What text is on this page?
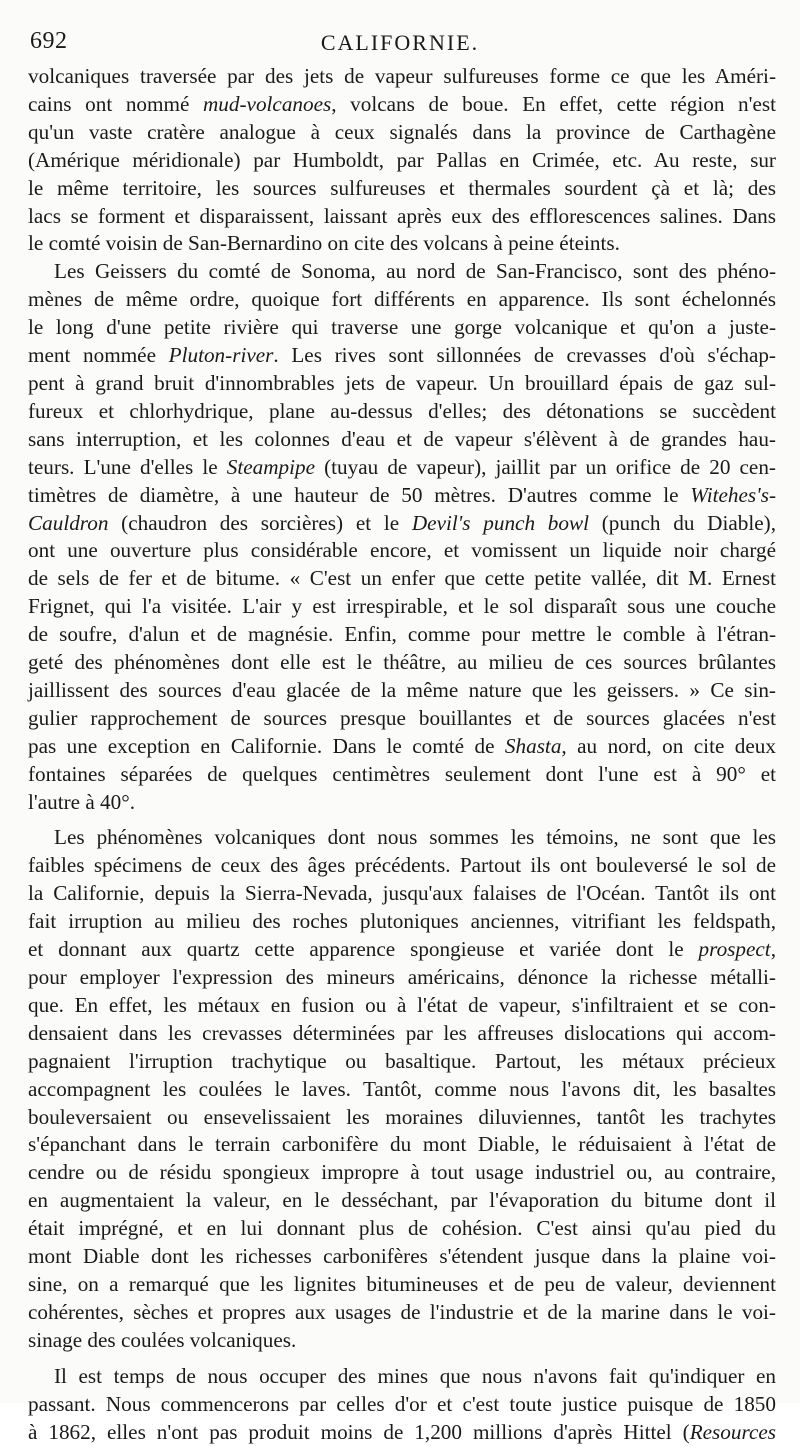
692	CALIFORNIE.
volcaniques traversée par des jets de vapeur sulfureuses forme ce que les Améri-
cains ont nommé mud-volcanoes, volcans de boue. En effet, cette région n'est
qu'un vaste cratère analogue à ceux signalés dans la province de Carthagène
(Amérique méridionale) par Humboldt, par Pallas en Crimée, etc. Au reste, sur
le même territoire, les sources sulfureuses et thermales sourdent çà et là; des
lacs se forment et disparaissent, laissant après eux des efflorescences salines. Dans
le comté voisin de San-Bernardino on cite des volcans à peine éteints.
Les Geissers du comté de Sonoma, au nord de San-Francisco, sont des phéno-
mènes de même ordre, quoique fort différents en apparence. Ils sont échelonnés
le long d'une petite rivière qui traverse une gorge volcanique et qu'on a juste-
ment nommée Pluton-river. Les rives sont sillonnées de crevasses d'où s'échap-
pent à grand bruit d'innombrables jets de vapeur. Un brouillard épais de gaz sul-
fureux et chlorhydrique, plane au-dessus d'elles; des détonations se succèdent
sans interruption, et les colonnes d'eau et de vapeur s'élèvent à de grandes hau-
teurs. L'une d'elles le Steampipe (tuyau de vapeur), jaillit par un orifice de 20 cen-
timètres de diamètre, à une hauteur de 50 mètres. D'autres comme le Witehes's-
Cauldron (chaudron des sorcières) et le Devil's punch bowl (punch du Diable),
ont une ouverture plus considérable encore, et vomissent un liquide noir chargé
de sels de fer et de bitume. « C'est un enfer que cette petite vallée, dit M. Ernest
Frignet, qui l'a visitée. L'air y est irrespirable, et le sol disparaît sous une couche
de soufre, d'alun et de magnésie. Enfin, comme pour mettre le comble à l'étran-
geté des phénomènes dont elle est le théâtre, au milieu de ces sources brûlantes
jaillissent des sources d'eau glacée de la même nature que les geissers. » Ce sin-
gulier rapprochement de sources presque bouillantes et de sources glacées n'est
pas une exception en Californie. Dans le comté de Shasta, au nord, on cite deux
fontaines séparées de quelques centimètres seulement dont l'une est à 90° et
l'autre à 40°.
Les phénomènes volcaniques dont nous sommes les témoins, ne sont que les
faibles spécimens de ceux des âges précédents. Partout ils ont bouleversé le sol de
la Californie, depuis la Sierra-Nevada, jusqu'aux falaises de l'Océan. Tantôt ils ont
fait irruption au milieu des roches plutoniques anciennes, vitrifiant les feldspath,
et donnant aux quartz cette apparence spongieuse et variée dont le prospect,
pour employer l'expression des mineurs américains, dénonce la richesse métalli-
que. En effet, les métaux en fusion ou à l'état de vapeur, s'infiltraient et se con-
densaient dans les crevasses déterminées par les affreuses dislocations qui accom-
pagnaient l'irruption trachytique ou basaltique. Partout, les métaux précieux
accompagnent les coulées le laves. Tantôt, comme nous l'avons dit, les basaltes
bouleversaient ou ensevelissaient les moraines diluviennes, tantôt les trachytes
s'épanchant dans le terrain carbonifère du mont Diable, le réduisaient à l'état de
cendre ou de résidu spongieux impropre à tout usage industriel ou, au contraire,
en augmentaient la valeur, en le desséchant, par l'évaporation du bitume dont il
était imprégné, et en lui donnant plus de cohésion. C'est ainsi qu'au pied du
mont Diable dont les richesses carbonifères s'étendent jusque dans la plaine voi-
sine, on a remarqué que les lignites bitumineuses et de peu de valeur, deviennent
cohérentes, sèches et propres aux usages de l'industrie et de la marine dans le voi-
sinage des coulées volcaniques.
Il est temps de nous occuper des mines que nous n'avons fait qu'indiquer en
passant. Nous commencerons par celles d'or et c'est toute justice puisque de 1850
à 1862, elles n'ont pas produit moins de 1,200 millions d'après Hittel (Resources
